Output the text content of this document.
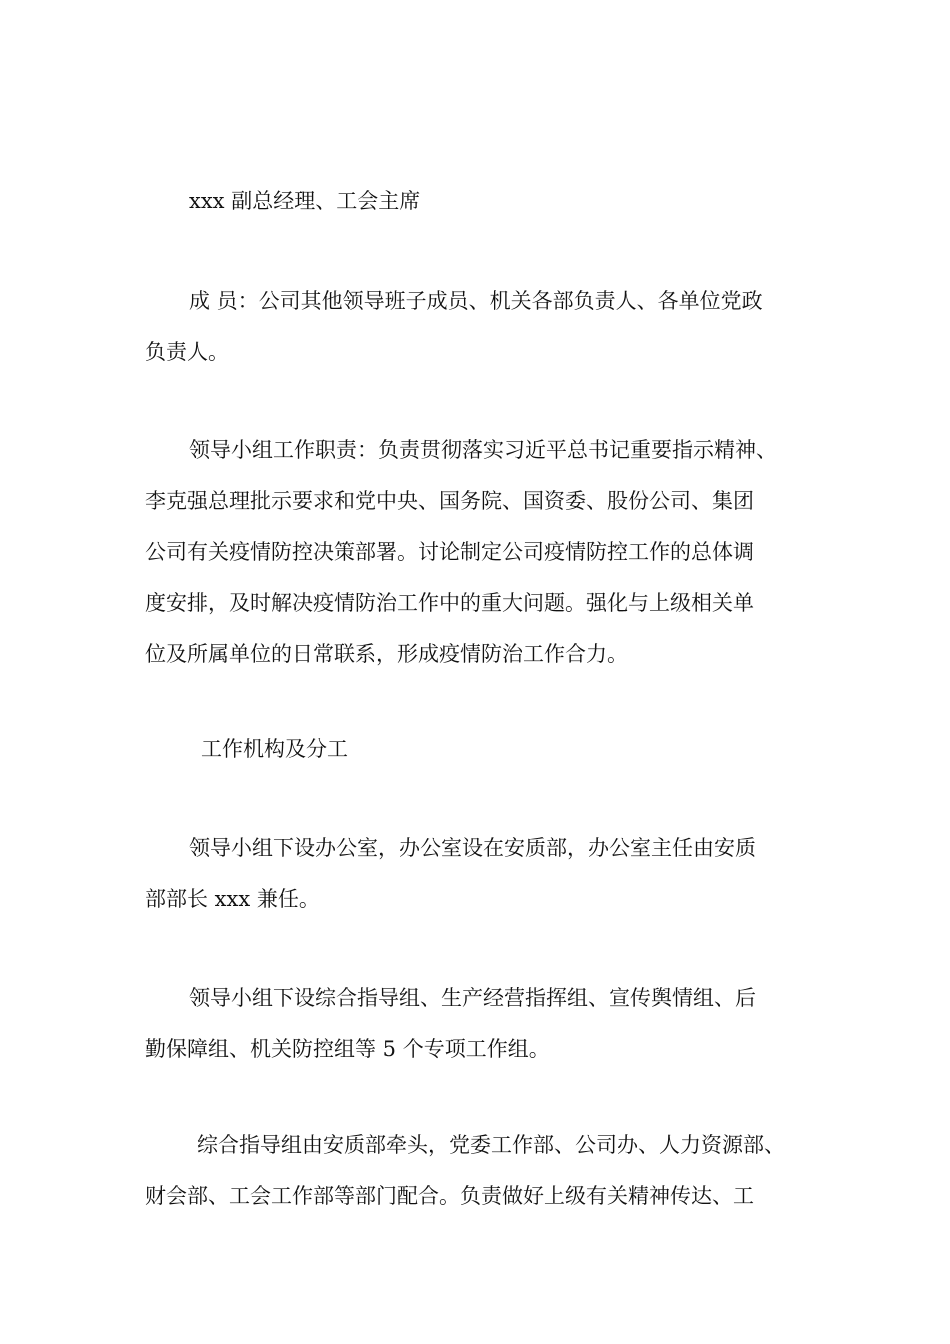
xxx 副总经理、工会主席

成 员：公司其他领导班子成员、机关各部负责人、各单位党政
负责人。

领导小组工作职责：负责贯彻落实习近平总书记重要指示精神、
李克强总理批示要求和党中央、国务院、国资委、股份公司、集团
公司有关疫情防控决策部署。讨论制定公司疫情防控工作的总体调
度安排，及时解决疫情防治工作中的重大问题。强化与上级相关单
位及所属单位的日常联系，形成疫情防治工作合力。

工作机构及分工

领导小组下设办公室，办公室设在安质部，办公室主任由安质
部部长 xxx 兼任。

领导小组下设综合指导组、生产经营指挥组、宣传舆情组、后
勤保障组、机关防控组等 5 个专项工作组。

综合指导组由安质部牵头，党委工作部、公司办、人力资源部、
财会部、工会工作部等部门配合。负责做好上级有关精神传达、工
